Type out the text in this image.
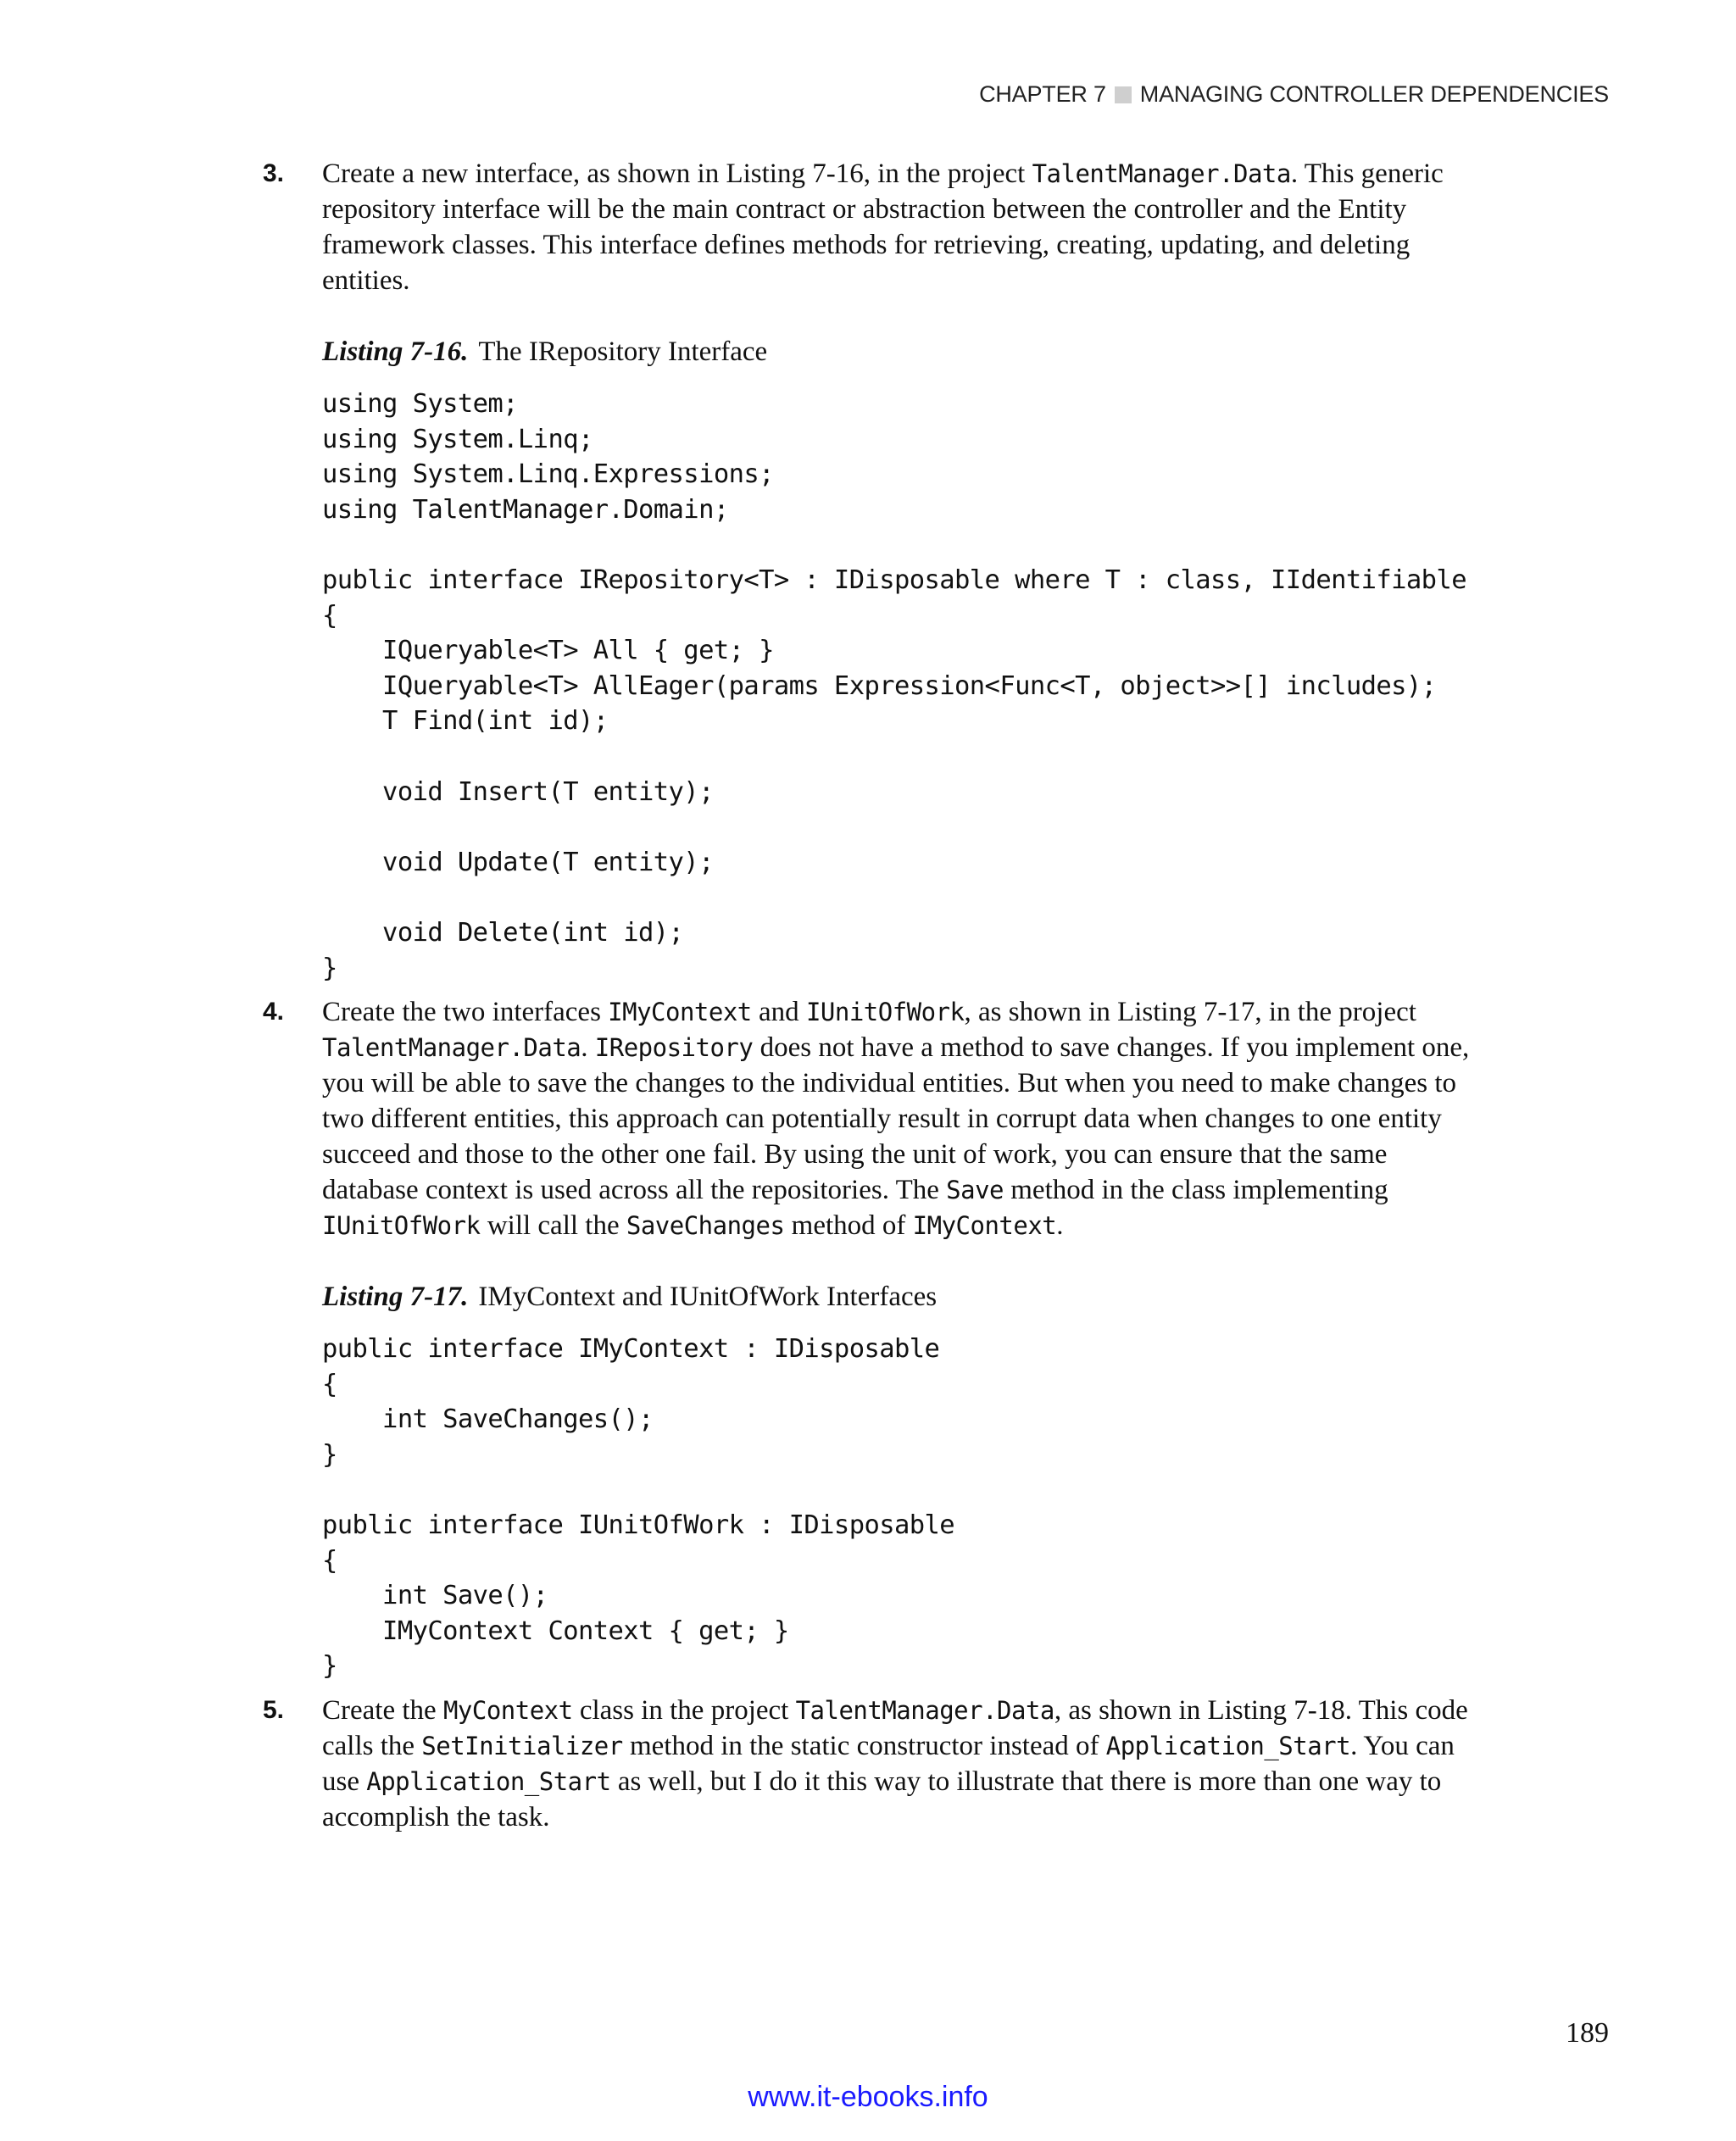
CHAPTER 7 MANAGING CONTROLLER DEPENDENCIES
3.	Create a new interface, as shown in Listing 7-16, in the project TalentManager.Data. This generic repository interface will be the main contract or abstraction between the controller and the Entity framework classes. This interface defines methods for retrieving, creating, updating, and deleting entities.

Listing 7-16. The IRepository Interface
using System;
using System.Linq;
using System.Linq.Expressions;
using TalentManager.Domain;

public interface IRepository<T> : IDisposable where T : class, IIdentifiable
{
IQueryable<T> All { get; }
IQueryable<T> AllEager(params Expression<Func<T, object>>[] includes);
T Find(int id);

void Insert(T entity);

void Update(T entity);

void Delete(int id);
}
4.	Create the two interfaces IMyContext and IUnitOfWork, as shown in Listing 7-17, in the project TalentManager.Data. IRepository does not have a method to save changes. If you implement one, you will be able to save the changes to the individual entities. But when you need to make changes to two different entities, this approach can potentially result in corrupt data when changes to one entity succeed and those to the other one fail. By using the unit of work, you can ensure that the same database context is used across all the repositories. The Save method in the class implementing IUnitOfWork will call the SaveChanges method of IMyContext.

Listing 7-17. IMyContext and IUnitOfWork Interfaces
public interface IMyContext : IDisposable
{
int SaveChanges();
}

public interface IUnitOfWork : IDisposable
{
int Save();
IMyContext Context { get; }
}
5.	Create the MyContext class in the project TalentManager.Data, as shown in Listing 7-18. This code calls the SetInitializer method in the static constructor instead of Application_Start. You can use Application_Start as well, but I do it this way to illustrate that there is more than one way to accomplish the task.

189
www.it-ebooks.info
